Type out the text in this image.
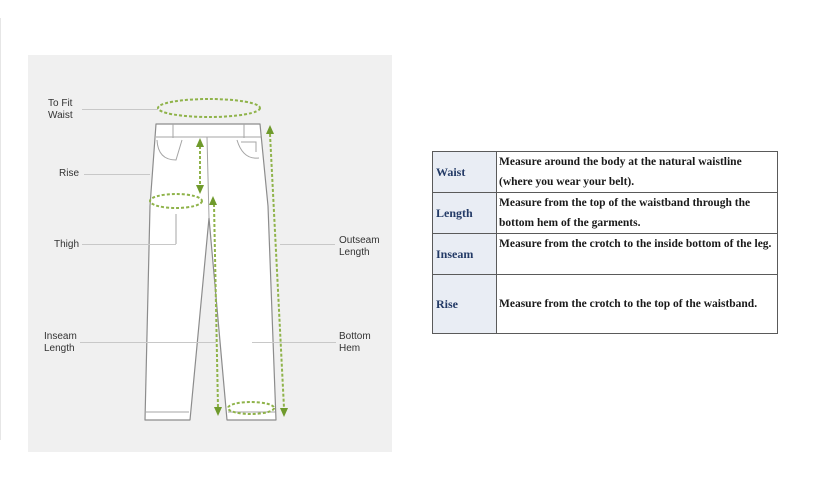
To Fit
Waist
Rise
Thigh
Inseam
Length
Outseam
Length
Bottom
Hem
Waist	Measure around the body at the natural waistline (where you wear your belt).
Length	Measure from the top of the waistband through the bottom hem of the garments.
Inseam	Measure from the crotch to the inside bottom of the leg.
Rise	Measure from the crotch to the top of the waistband.
